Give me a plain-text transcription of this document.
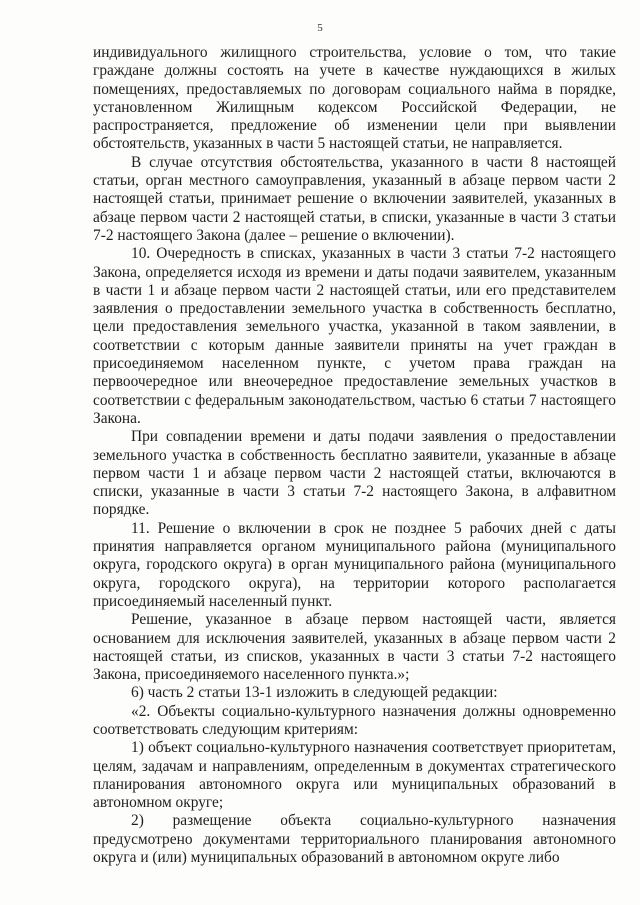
5

индивидуального жилищного строительства, условие о том, что такие граждане должны состоять на учете в качестве нуждающихся в жилых помещениях, предоставляемых по договорам социального найма в порядке, установленном Жилищным кодексом Российской Федерации, не распространяется, предложение об изменении цели при выявлении обстоятельств, указанных в части 5 настоящей статьи, не направляется.

В случае отсутствия обстоятельства, указанного в части 8 настоящей статьи, орган местного самоуправления, указанный в абзаце первом части 2 настоящей статьи, принимает решение о включении заявителей, указанных в абзаце первом части 2 настоящей статьи, в списки, указанные в части 3 статьи 7-2 настоящего Закона (далее – решение о включении).

10. Очередность в списках, указанных в части 3 статьи 7-2 настоящего Закона, определяется исходя из времени и даты подачи заявителем, указанным в части 1 и абзаце первом части 2 настоящей статьи, или его представителем заявления о предоставлении земельного участка в собственность бесплатно, цели предоставления земельного участка, указанной в таком заявлении, в соответствии с которым данные заявители приняты на учет граждан в присоединяемом населенном пункте, с учетом права граждан на первоочередное или внеочередное предоставление земельных участков в соответствии с федеральным законодательством, частью 6 статьи 7 настоящего Закона.

При совпадении времени и даты подачи заявления о предоставлении земельного участка в собственность бесплатно заявители, указанные в абзаце первом части 1 и абзаце первом части 2 настоящей статьи, включаются в списки, указанные в части 3 статьи 7-2 настоящего Закона, в алфавитном порядке.

11. Решение о включении в срок не позднее 5 рабочих дней с даты принятия направляется органом муниципального района (муниципального округа, городского округа) в орган муниципального района (муниципального округа, городского округа), на территории которого располагается присоединяемый населенный пункт.

Решение, указанное в абзаце первом настоящей части, является основанием для исключения заявителей, указанных в абзаце первом части 2 настоящей статьи, из списков, указанных в части 3 статьи 7-2 настоящего Закона, присоединяемого населенного пункта.»;

6) часть 2 статьи 13-1 изложить в следующей редакции:

«2. Объекты социально-культурного назначения должны одновременно соответствовать следующим критериям:

1) объект социально-культурного назначения соответствует приоритетам, целям, задачам и направлениям, определенным в документах стратегического планирования автономного округа или муниципальных образований в автономном округе;

2) размещение объекта социально-культурного назначения предусмотрено документами территориального планирования автономного округа и (или) муниципальных образований в автономном округе либо
